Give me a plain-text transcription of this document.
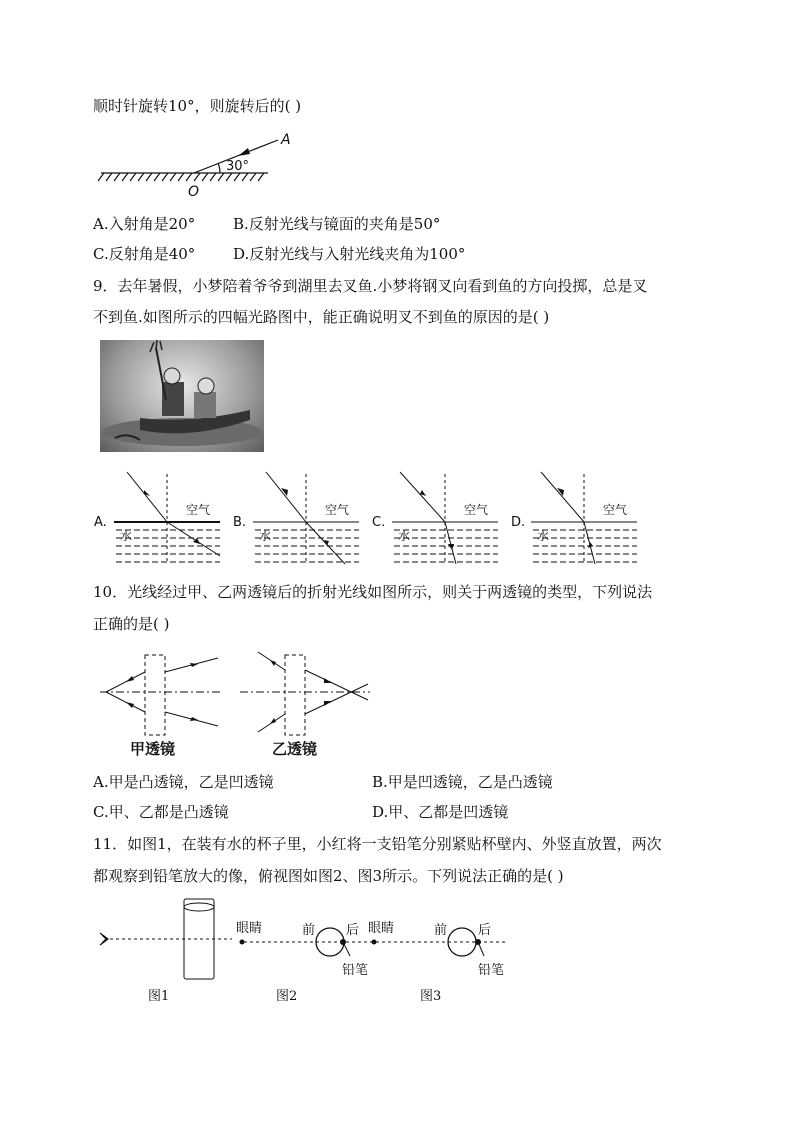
顺时针旋转10°，则旋转后的( )
A
O
30°
A.入射角是20°	B.反射光线与镜面的夹角是50°
C.反射角是40°	D.反射光线与入射光线夹角为100°
9．去年暑假，小梦陪着爷爷到湖里去叉鱼.小梦将钢叉向看到鱼的方向投掷，总是叉
不到鱼.如图所示的四幅光路图中，能正确说明叉不到鱼的原因的是( )
A.
空气
水
B.
空气
水
C.
空气
水
D.
空气
水
10．光线经过甲、乙两透镜后的折射光线如图所示，则关于两透镜的类型，下列说法
正确的是( )
甲透镜	乙透镜
A.甲是凸透镜，乙是凹透镜	B.甲是凹透镜，乙是凸透镜
C.甲、乙都是凸透镜	D.甲、乙都是凹透镜
11．如图1，在装有水的杯子里，小红将一支铅笔分别紧贴杯壁内、外竖直放置，两次
都观察到铅笔放大的像，俯视图如图2、图3所示。下列说法正确的是( )
眼睛	前 后
铅笔
眼睛	前 后
铅笔
图1	图2	图3
